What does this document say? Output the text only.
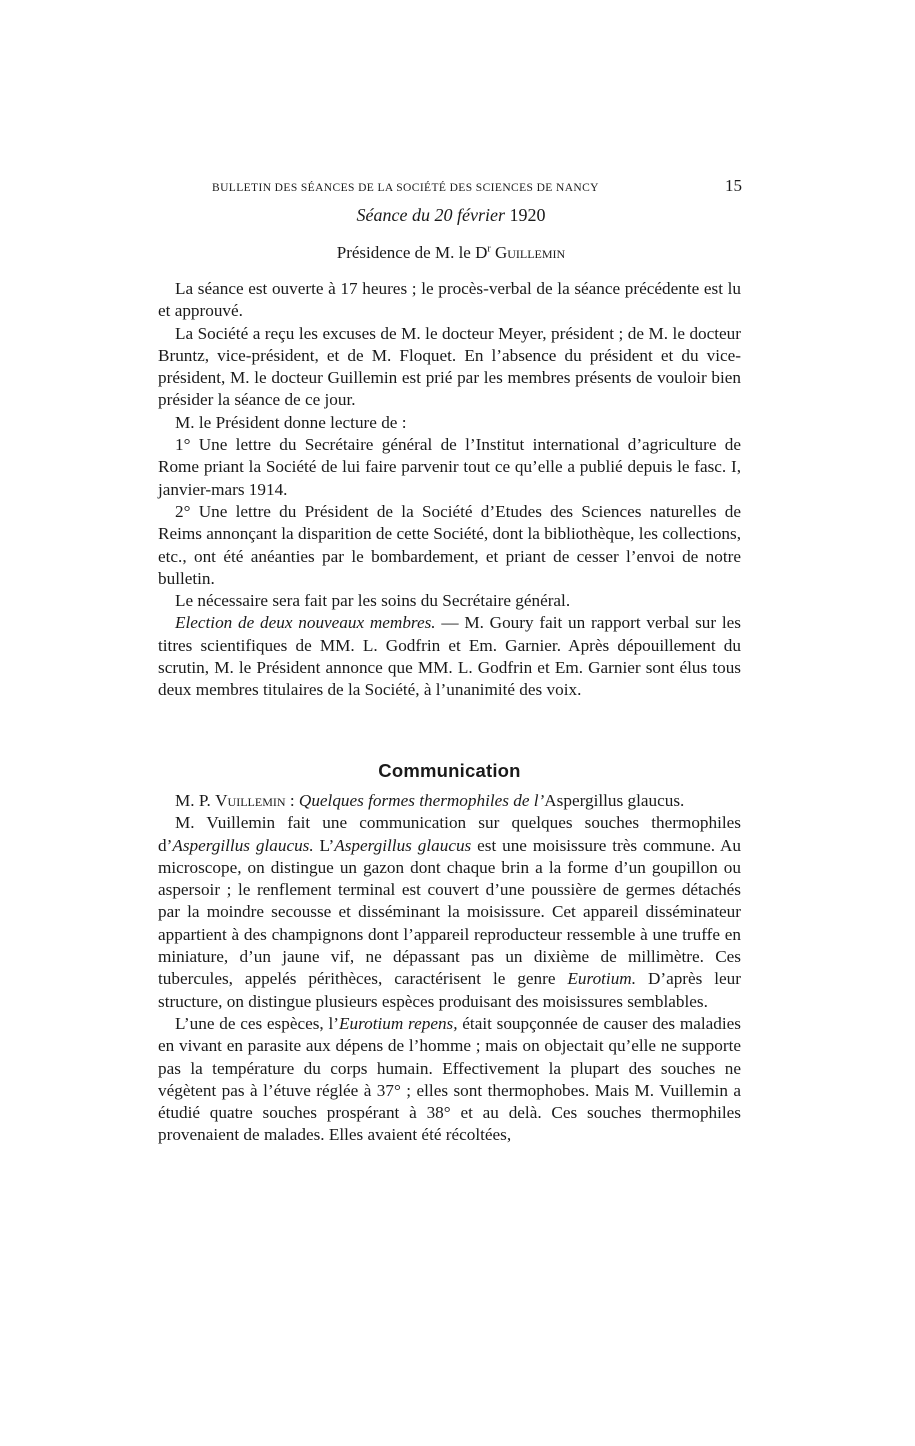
BULLETIN DES SÉANCES DE LA SOCIÉTÉ DES SCIENCES DE NANCY	15
Séance du 20 février 1920
Présidence de M. le $D^r$ Guillemin

La séance est ouverte à 17 heures ; le procès-verbal de la séance précédente est lu et approuvé.

La Société a reçu les excuses de M. le docteur Meyer, président ; de M. le docteur Bruntz, vice-président, et de M. Floquet. En l’absence du président et du vice-président, M. le docteur Guillemin est prié par les membres présents de vouloir bien présider la séance de ce jour.

M. le Président donne lecture de :

1° Une lettre du Secrétaire général de l’Institut international d’agriculture de Rome priant la Société de lui faire parvenir tout ce qu’elle a publié depuis le fasc. I, janvier-mars 1914.

2° Une lettre du Président de la Société d’Etudes des Sciences naturelles de Reims annonçant la disparition de cette Société, dont la bibliothèque, les collections, etc., ont été anéanties par le bombardement, et priant de cesser l’envoi de notre bulletin.

Le nécessaire sera fait par les soins du Secrétaire général.

Election de deux nouveaux membres. — M. Goury fait un rapport verbal sur les titres scientifiques de MM. L. Godfrin et Em. Garnier. Après dépouillement du scrutin, M. le Président annonce que MM. L. Godfrin et Em. Garnier sont élus tous deux membres titulaires de la Société, à l’unanimité des voix.

Communication

M. P. Vuillemin : Quelques formes thermophiles de l’Aspergillus glaucus.

M. Vuillemin fait une communication sur quelques souches thermophiles d’Aspergillus glaucus. L’Aspergillus glaucus est une moisissure très commune. Au microscope, on distingue un gazon dont chaque brin a la forme d’un goupillon ou aspersoir ; le renflement terminal est couvert d’une poussière de germes détachés par la moindre secousse et disséminant la moisissure. Cet appareil disséminateur appartient à des champignons dont l’appareil reproducteur ressemble à une truffe en miniature, d’un jaune vif, ne dépassant pas un dixième de millimètre. Ces tubercules, appelés périthèces, caractérisent le genre Eurotium. D’après leur structure, on distingue plusieurs espèces produisant des moisissures semblables.

L’une de ces espèces, l’Eurotium repens, était soupçonnée de causer des maladies en vivant en parasite aux dépens de l’homme ; mais on objectait qu’elle ne supporte pas la température du corps humain. Effectivement la plupart des souches ne végètent pas à l’étuve réglée à 37° ; elles sont thermophobes. Mais M. Vuillemin a étudié quatre souches prospérant à 38° et au delà. Ces souches thermophiles provenaient de malades. Elles avaient été récoltées,
